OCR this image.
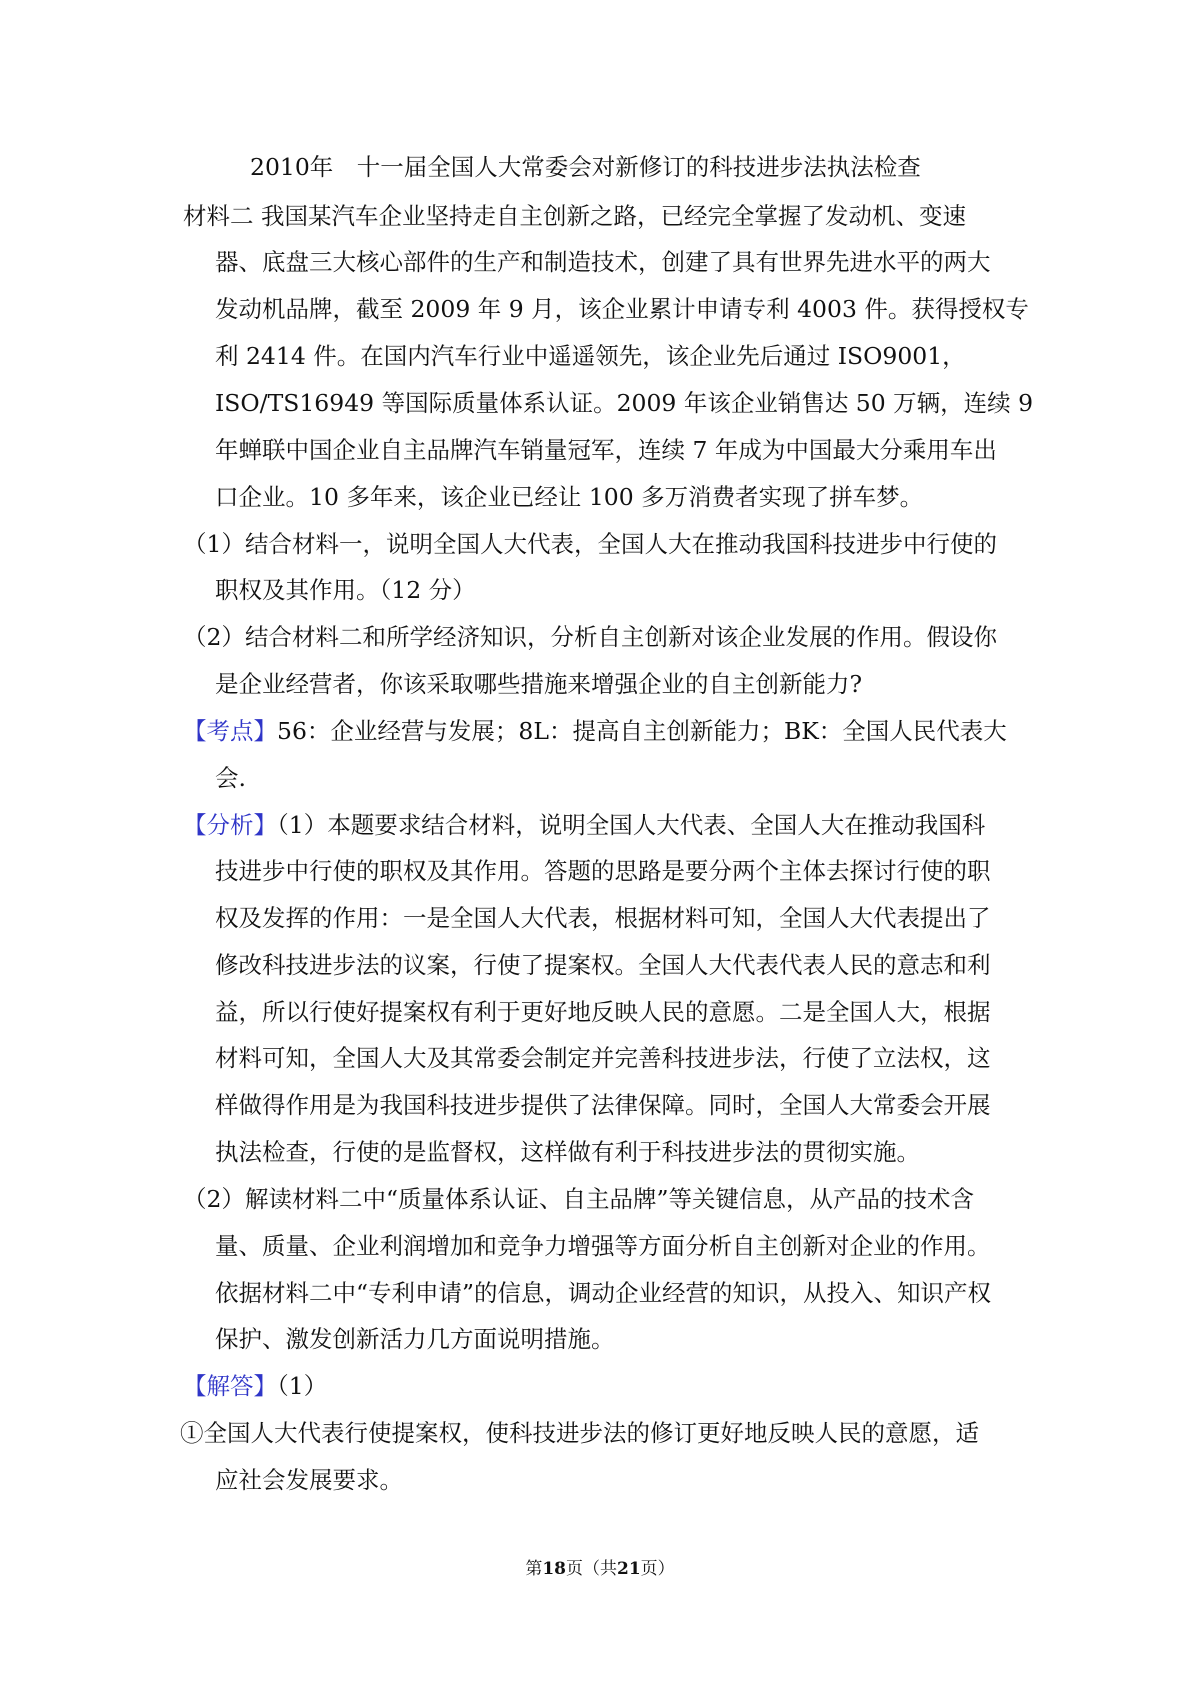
2010年　十一届全国人大常委会对新修订的科技进步法执法检查
材料二 我国某汽车企业坚持走自主创新之路，已经完全掌握了发动机、变速
器、底盘三大核心部件的生产和制造技术，创建了具有世界先进水平的两大
发动机品牌，截至 2009 年 9 月，该企业累计申请专利 4003 件。获得授权专
利 2414 件。在国内汽车行业中遥遥领先，该企业先后通过 ISO9001，
ISO/TS16949 等国际质量体系认证。2009 年该企业销售达 50 万辆，连续 9
年蝉联中国企业自主品牌汽车销量冠军，连续 7 年成为中国最大分乘用车出
口企业。10 多年来，该企业已经让 100 多万消费者实现了拼车梦。
（1）结合材料一，说明全国人大代表，全国人大在推动我国科技进步中行使的
职权及其作用。（12 分）
（2）结合材料二和所学经济知识，分析自主创新对该企业发展的作用。假设你
是企业经营者，你该采取哪些措施来增强企业的自主创新能力?
【考点】56：企业经营与发展；8L：提高自主创新能力；BK：全国人民代表大
会.
【分析】（1）本题要求结合材料，说明全国人大代表、全国人大在推动我国科
技进步中行使的职权及其作用。答题的思路是要分两个主体去探讨行使的职
权及发挥的作用：一是全国人大代表，根据材料可知，全国人大代表提出了
修改科技进步法的议案，行使了提案权。全国人大代表代表人民的意志和利
益，所以行使好提案权有利于更好地反映人民的意愿。二是全国人大，根据
材料可知，全国人大及其常委会制定并完善科技进步法，行使了立法权，这
样做得作用是为我国科技进步提供了法律保障。同时，全国人大常委会开展
执法检查，行使的是监督权，这样做有利于科技进步法的贯彻实施。
（2）解读材料二中“质量体系认证、自主品牌”等关键信息，从产品的技术含
量、质量、企业利润增加和竞争力增强等方面分析自主创新对企业的作用。
依据材料二中“专利申请”的信息，调动企业经营的知识，从投入、知识产权
保护、激发创新活力几方面说明措施。
【解答】（1）
①全国人大代表行使提案权，使科技进步法的修订更好地反映人民的意愿，适
应社会发展要求。
第18页（共21页）
